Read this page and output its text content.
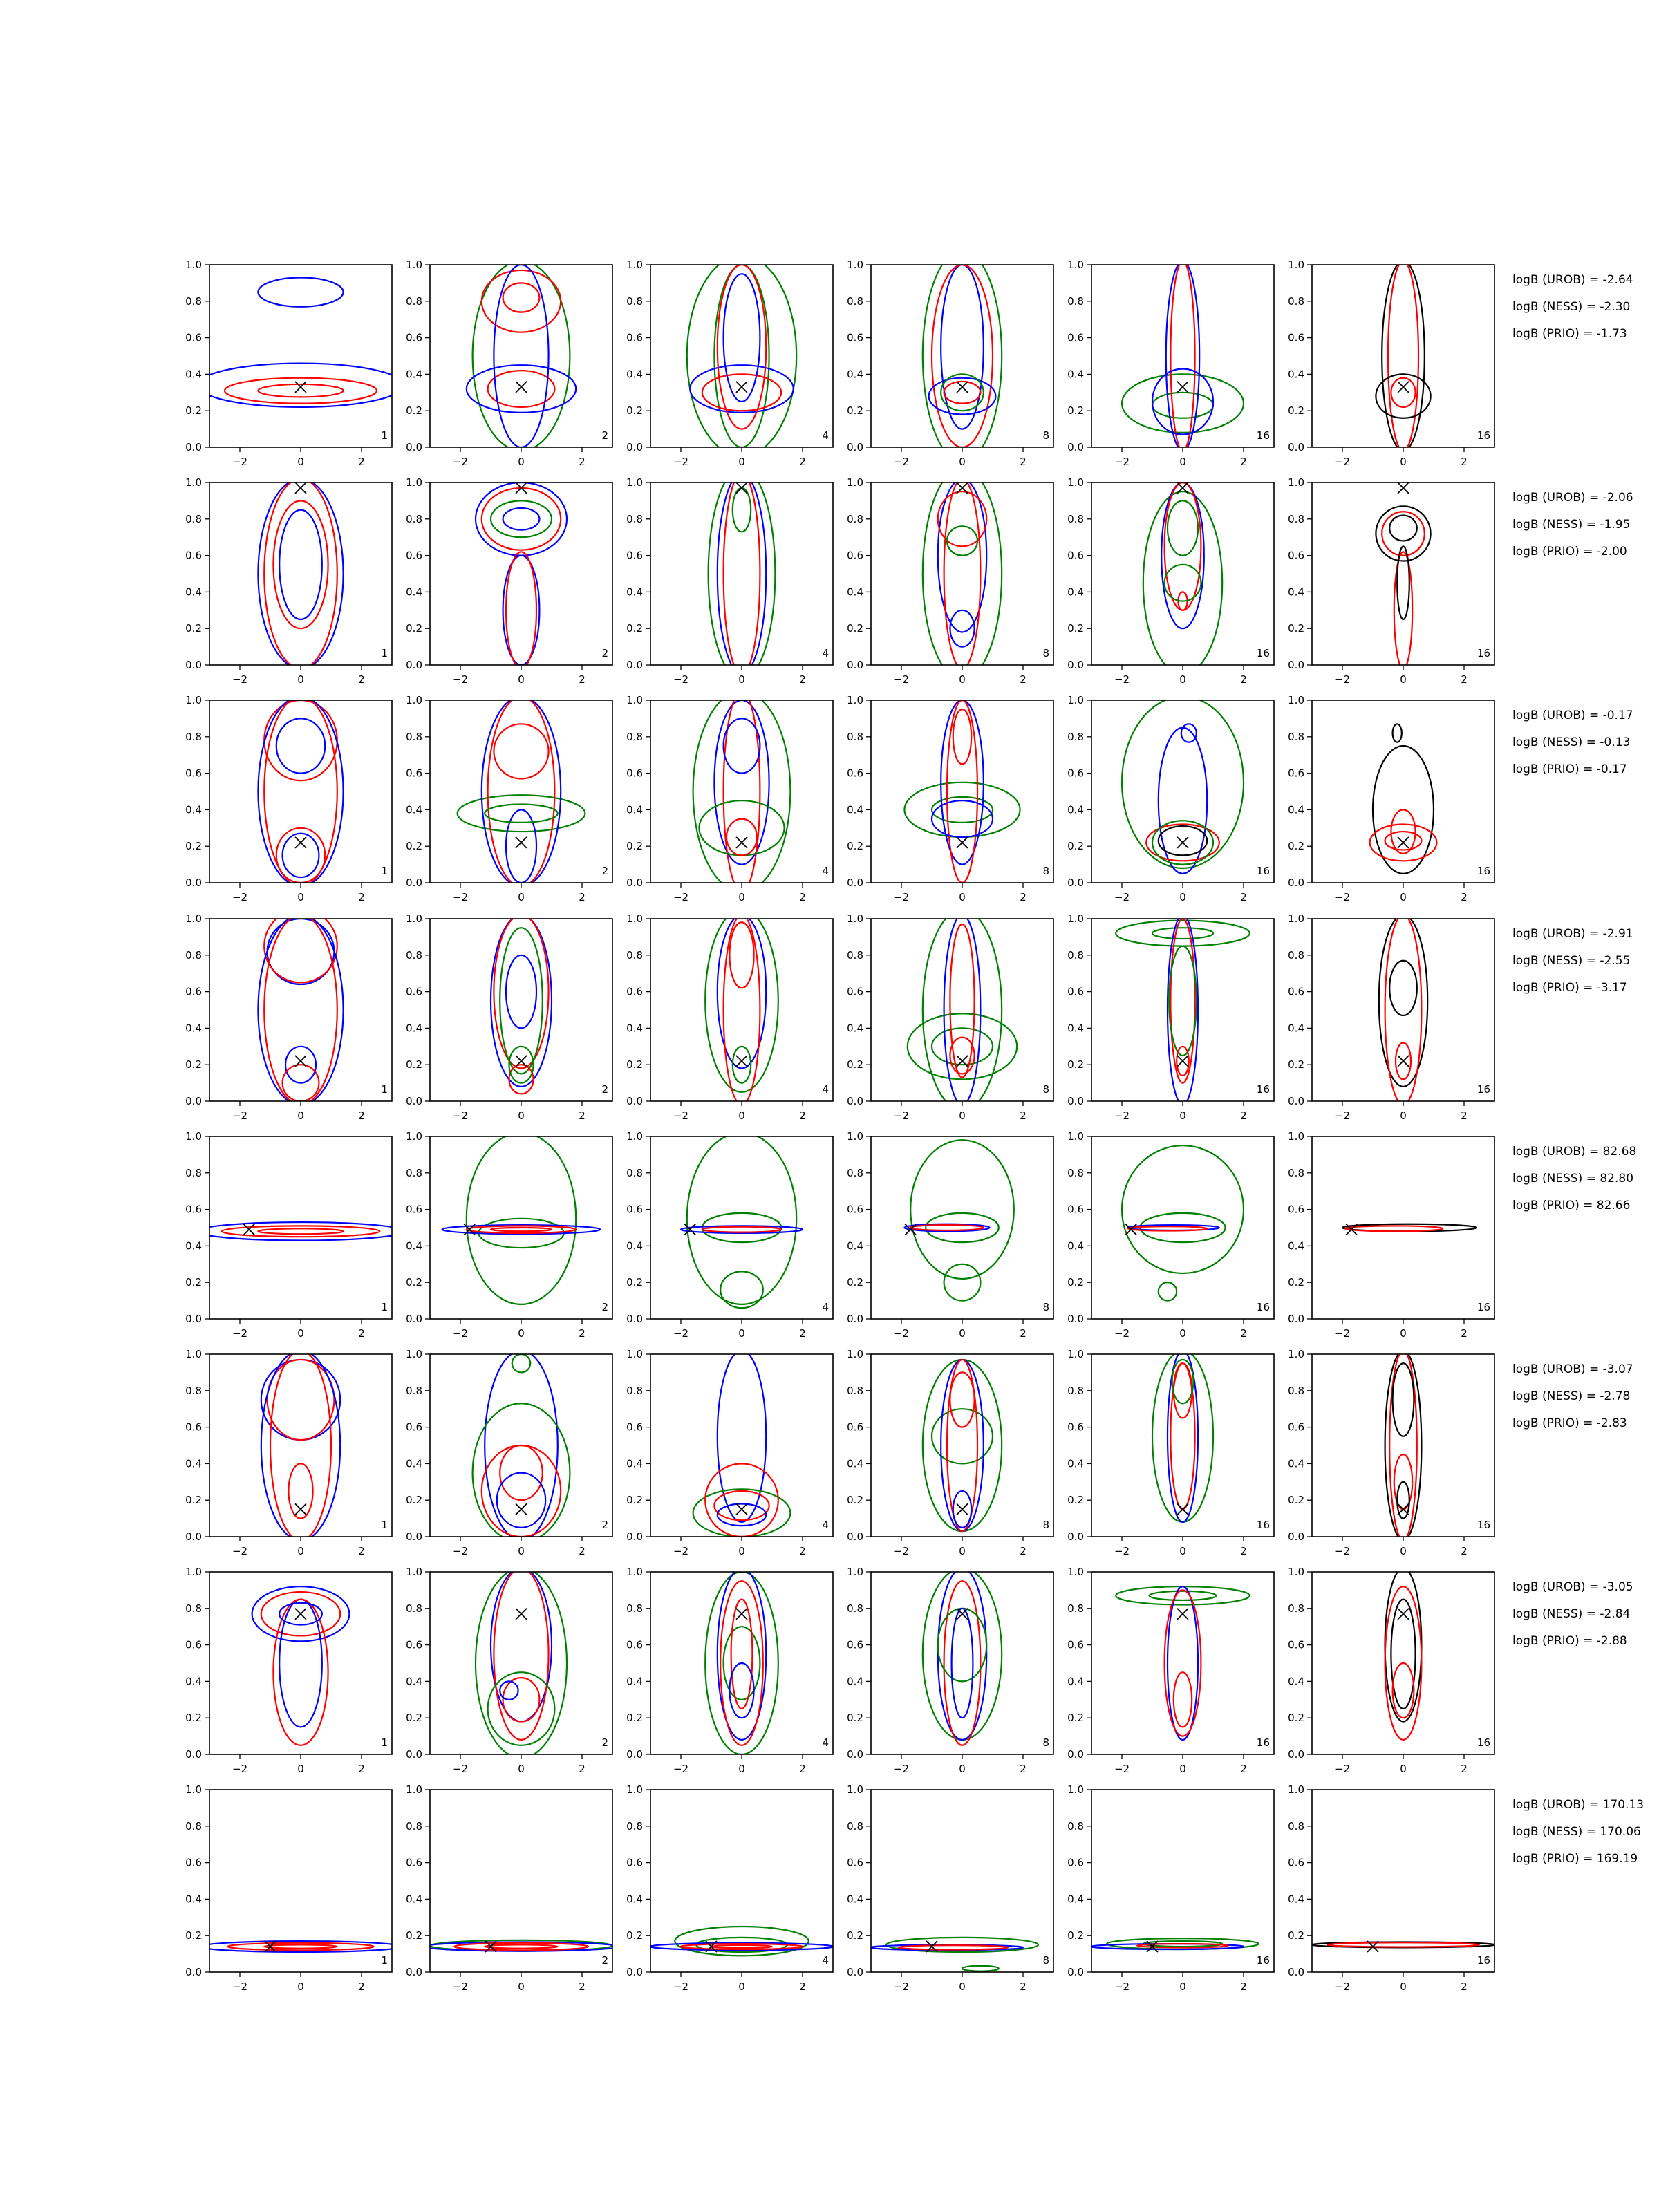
−2	0	2
0.0
0.2
0.4
0.6
0.8
1.0
1
−2	0	2
0.0
0.2
0.4
0.6
0.8
1.0
2
−2	0	2
0.0
0.2
0.4
0.6
0.8
1.0
4
−2	0	2
0.0
0.2
0.4
0.6
0.8
1.0
8
−2	0	2
0.0
0.2
0.4
0.6
0.8
1.0
16
−2	0	2
0.0
0.2
0.4
0.6
0.8
1.0
16
logB (UROB) = -2.64
logB (NESS) = -2.30
logB (PRIO) = -1.73
−2	0	2
0.0
0.2
0.4
0.6
0.8
1.0
1
−2	0	2
0.0
0.2
0.4
0.6
0.8
1.0
2
−2	0	2
0.0
0.2
0.4
0.6
0.8
1.0
4
−2	0	2
0.0
0.2
0.4
0.6
0.8
1.0
8
−2	0	2
0.0
0.2
0.4
0.6
0.8
1.0
16
−2	0	2
0.0
0.2
0.4
0.6
0.8
1.0
16
logB (UROB) = -2.06
logB (NESS) = -1.95
logB (PRIO) = -2.00
−2	0	2
0.0
0.2
0.4
0.6
0.8
1.0
1
−2	0	2
0.0
0.2
0.4
0.6
0.8
1.0
2
−2	0	2
0.0
0.2
0.4
0.6
0.8
1.0
4
−2	0	2
0.0
0.2
0.4
0.6
0.8
1.0
8
−2	0	2
0.0
0.2
0.4
0.6
0.8
1.0
16
−2	0	2
0.0
0.2
0.4
0.6
0.8
1.0
16
logB (UROB) = -0.17
logB (NESS) = -0.13
logB (PRIO) = -0.17
−2	0	2
0.0
0.2
0.4
0.6
0.8
1.0
1
−2	0	2
0.0
0.2
0.4
0.6
0.8
1.0
2
−2	0	2
0.0
0.2
0.4
0.6
0.8
1.0
4
−2	0	2
0.0
0.2
0.4
0.6
0.8
1.0
8
−2	0	2
0.0
0.2
0.4
0.6
0.8
1.0
16
−2	0	2
0.0
0.2
0.4
0.6
0.8
1.0
16
logB (UROB) = -2.91
logB (NESS) = -2.55
logB (PRIO) = -3.17
−2	0	2
0.0
0.2
0.4
0.6
0.8
1.0
1
−2	0	2
0.0
0.2
0.4
0.6
0.8
1.0
2
−2	0	2
0.0
0.2
0.4
0.6
0.8
1.0
4
−2	0	2
0.0
0.2
0.4
0.6
0.8
1.0
8
−2	0	2
0.0
0.2
0.4
0.6
0.8
1.0
16
−2	0	2
0.0
0.2
0.4
0.6
0.8
1.0
16
logB (UROB) = 82.68
logB (NESS) = 82.80
logB (PRIO) = 82.66
−2	0	2
0.0
0.2
0.4
0.6
0.8
1.0
1
−2	0	2
0.0
0.2
0.4
0.6
0.8
1.0
2
−2	0	2
0.0
0.2
0.4
0.6
0.8
1.0
4
−2	0	2
0.0
0.2
0.4
0.6
0.8
1.0
8
−2	0	2
0.0
0.2
0.4
0.6
0.8
1.0
16
−2	0	2
0.0
0.2
0.4
0.6
0.8
1.0
16
logB (UROB) = -3.07
logB (NESS) = -2.78
logB (PRIO) = -2.83
−2	0	2
0.0
0.2
0.4
0.6
0.8
1.0
1
−2	0	2
0.0
0.2
0.4
0.6
0.8
1.0
2
−2	0	2
0.0
0.2
0.4
0.6
0.8
1.0
4
−2	0	2
0.0
0.2
0.4
0.6
0.8
1.0
8
−2	0	2
0.0
0.2
0.4
0.6
0.8
1.0
16
−2	0	2
0.0
0.2
0.4
0.6
0.8
1.0
16
logB (UROB) = -3.05
logB (NESS) = -2.84
logB (PRIO) = -2.88
−2	0	2
0.0
0.2
0.4
0.6
0.8
1.0
1
−2	0	2
0.0
0.2
0.4
0.6
0.8
1.0
2
−2	0	2
0.0
0.2
0.4
0.6
0.8
1.0
4
−2	0	2
0.0
0.2
0.4
0.6
0.8
1.0
8
−2	0	2
0.0
0.2
0.4
0.6
0.8
1.0
16
−2	0	2
0.0
0.2
0.4
0.6
0.8
1.0
16
logB (UROB) = 170.13
logB (NESS) = 170.06
logB (PRIO) = 169.19
